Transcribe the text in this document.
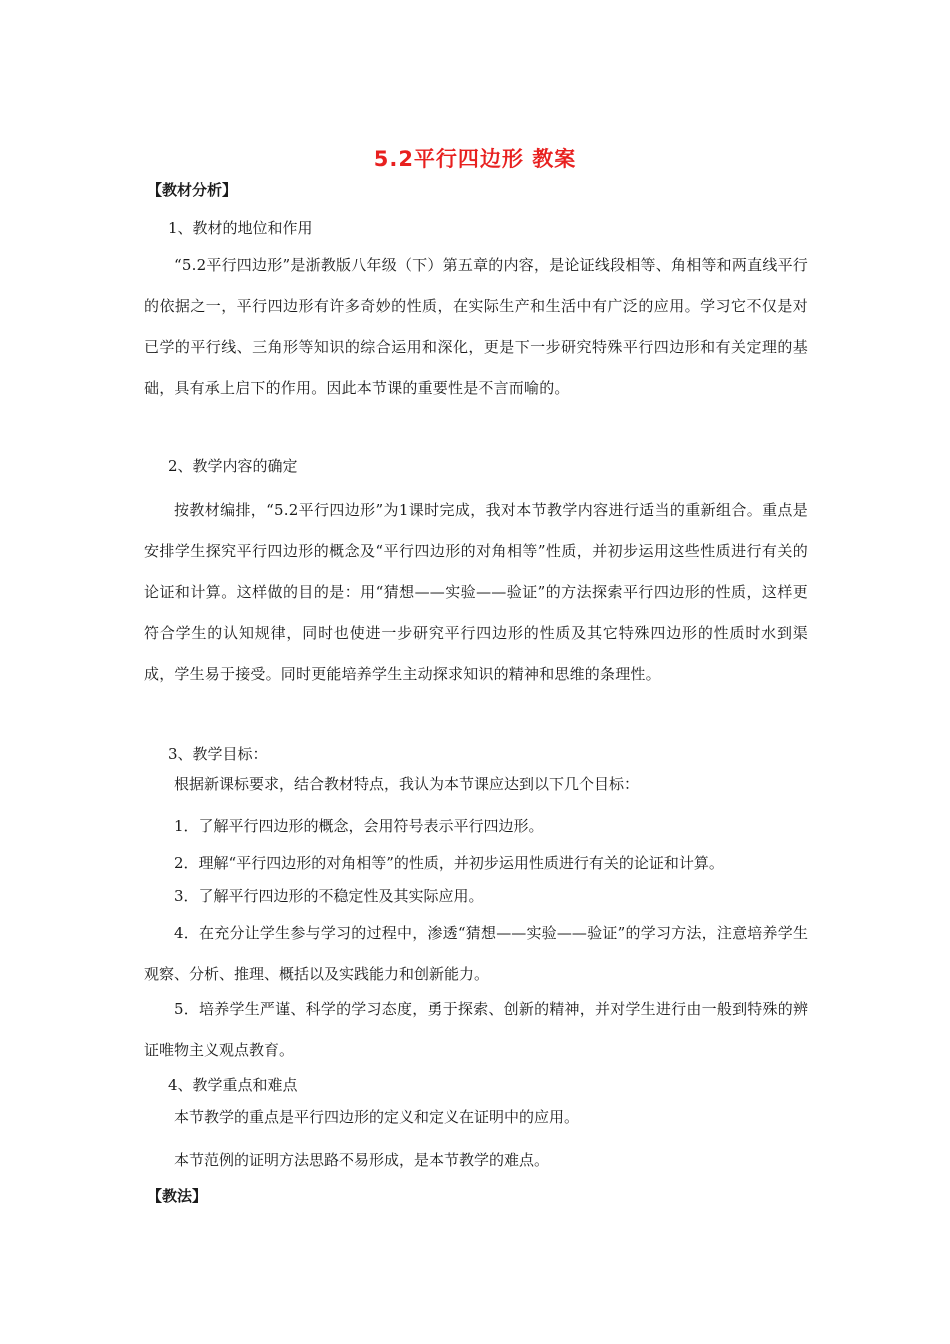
5.2平行四边形 教案
【教材分析】
1、教材的地位和作用
“5.2平行四边形”是浙教版八年级（下）第五章的内容，是论证线段相等、角相等和两直线平行的依据之一，平行四边形有许多奇妙的性质，在实际生产和生活中有广泛的应用。学习它不仅是对已学的平行线、三角形等知识的综合运用和深化，更是下一步研究特殊平行四边形和有关定理的基础，具有承上启下的作用。因此本节课的重要性是不言而喻的。
2、教学内容的确定
按教材编排，“5.2平行四边形”为1课时完成，我对本节教学内容进行适当的重新组合。重点是安排学生探究平行四边形的概念及“平行四边形的对角相等”性质，并初步运用这些性质进行有关的论证和计算。这样做的目的是：用“猜想——实验——验证”的方法探索平行四边形的性质，这样更符合学生的认知规律，同时也使进一步研究平行四边形的性质及其它特殊四边形的性质时水到渠成，学生易于接受。同时更能培养学生主动探求知识的精神和思维的条理性。
3、教学目标：
根据新课标要求，结合教材特点，我认为本节课应达到以下几个目标：
1．了解平行四边形的概念，会用符号表示平行四边形。
2．理解“平行四边形的对角相等”的性质，并初步运用性质进行有关的论证和计算。
3．了解平行四边形的不稳定性及其实际应用。
4．在充分让学生参与学习的过程中，渗透“猜想——实验——验证”的学习方法，注意培养学生观察、分析、推理、概括以及实践能力和创新能力。
5．培养学生严谨、科学的学习态度，勇于探索、创新的精神，并对学生进行由一般到特殊的辨证唯物主义观点教育。
4、教学重点和难点
本节教学的重点是平行四边形的定义和定义在证明中的应用。
本节范例的证明方法思路不易形成，是本节教学的难点。
【教法】
